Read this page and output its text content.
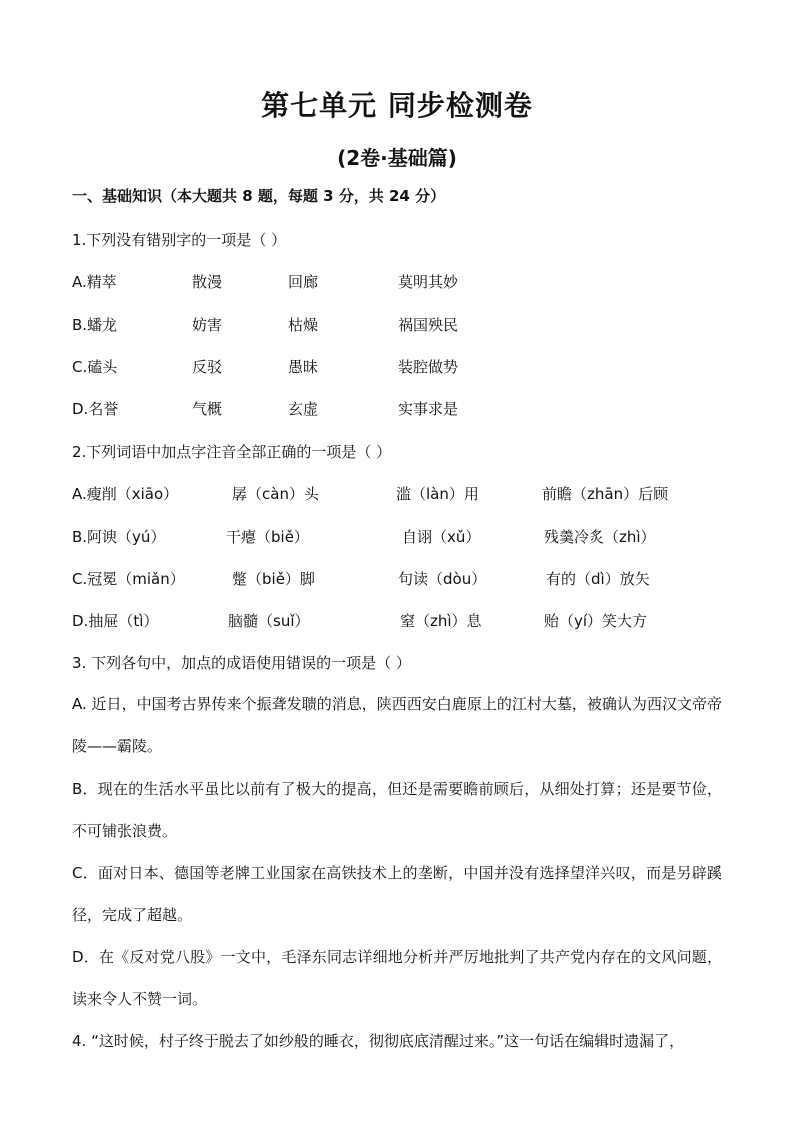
第七单元 同步检测卷
(2卷·基础篇)
一、基础知识（本大题共 8 题，每题 3 分，共 24 分）
1.下列没有错别字的一项是（ ）
A.精萃	散漫	回廊	莫明其妙
B.蟠龙	妨害	枯燥	祸国殃民
C.磕头	反驳	愚昧	装腔做势
D.名誉	气概	玄虚	实事求是
2.下列词语中加点字注音全部正确的一项是（ ）
A.瘦削（xiāo）	孱（càn）头	滥（làn）用	前瞻（zhān）后顾
B.阿谀（yú）	干瘪（biě）	自诩（xǔ）	残羹冷炙（zhì）
C.冠冕（miǎn）	蹩（biě）脚	句读（dòu）	有的（dì）放矢
D.抽屉（tì）	脑髓（suǐ）	窒（zhì）息	贻（yí）笑大方
3. 下列各句中，加点的成语使用错误的一项是（ ）
A. 近日，中国考古界传来个振聋发聩的消息，陕西西安白鹿原上的江村大墓，被确认为西汉文帝帝陵——霸陵。
B．现在的生活水平虽比以前有了极大的提高，但还是需要瞻前顾后，从细处打算；还是要节俭，不可铺张浪费。
C．面对日本、德国等老牌工业国家在高铁技术上的垄断，中国并没有选择望洋兴叹，而是另辟蹊径，完成了超越。
D．在《反对党八股》一文中，毛泽东同志详细地分析并严厉地批判了共产党内存在的文风问题，读来令人不赞一词。
4. “这时候，村子终于脱去了如纱般的睡衣，彻彻底底清醒过来。”这一句话在编辑时遗漏了，
